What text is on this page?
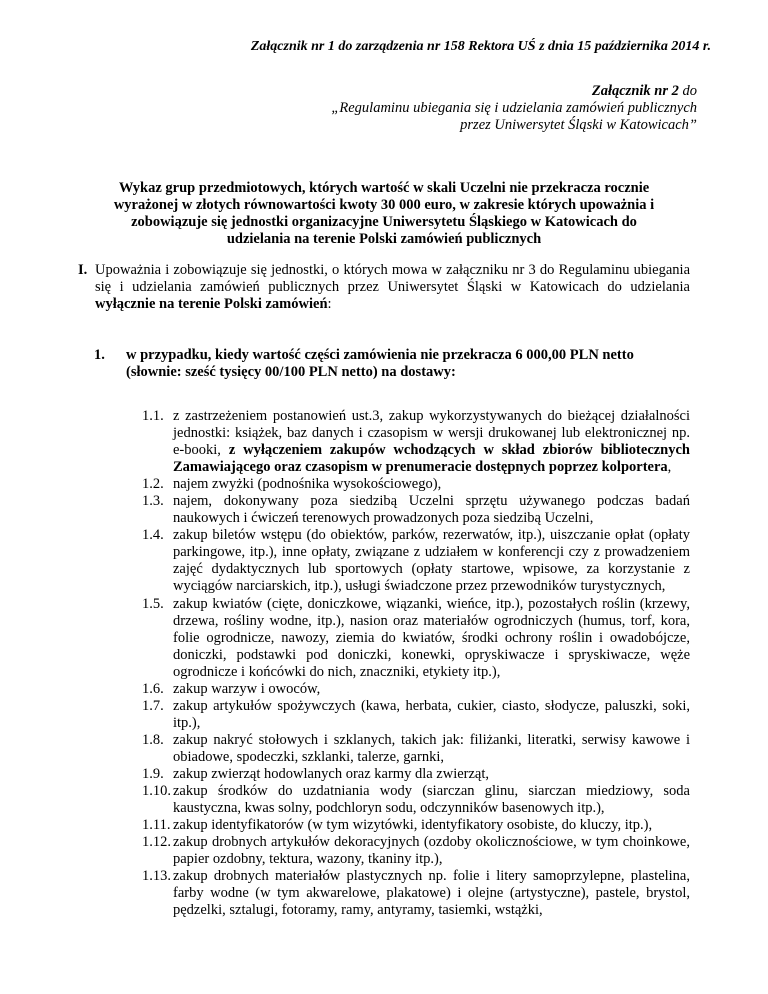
Załącznik nr 1 do zarządzenia nr 158 Rektora UŚ z dnia 15 października 2014 r.
Załącznik nr 2 do
„Regulaminu ubiegania się i udzielania zamówień publicznych
przez Uniwersytet Śląski w Katowicach”
Wykaz grup przedmiotowych, których wartość w skali Uczelni nie przekracza rocznie wyrażonej w złotych równowartości kwoty 30 000 euro, w zakresie których upoważnia i zobowiązuje się jednostki organizacyjne Uniwersytetu Śląskiego w Katowicach do udzielania na terenie Polski zamówień publicznych
I. Upoważnia i zobowiązuje się jednostki, o których mowa w załączniku nr 3 do Regulaminu ubiegania się i udzielania zamówień publicznych przez Uniwersytet Śląski w Katowicach do udzielania wyłącznie na terenie Polski zamówień:
1. w przypadku, kiedy wartość części zamówienia nie przekracza 6 000,00 PLN netto (słownie: sześć tysięcy 00/100 PLN netto) na dostawy:
1.1. z zastrzeżeniem postanowień ust.3, zakup wykorzystywanych do bieżącej działalności jednostki: książek, baz danych i czasopism w wersji drukowanej lub elektronicznej np. e-booki, z wyłączeniem zakupów wchodzących w skład zbiorów bibliotecznych Zamawiającego oraz czasopism w prenumeracie dostępnych poprzez kolportera,
1.2. najem zwyżki (podnośnika wysokościowego),
1.3. najem, dokonywany poza siedzibą Uczelni sprzętu używanego podczas badań naukowych i ćwiczeń terenowych prowadzonych poza siedzibą Uczelni,
1.4. zakup biletów wstępu (do obiektów, parków, rezerwatów, itp.), uiszczanie opłat (opłaty parkingowe, itp.), inne opłaty, związane z udziałem w konferencji czy z prowadzeniem zajęć dydaktycznych lub sportowych (opłaty startowe, wpisowe, za korzystanie z wyciągów narciarskich, itp.), usługi świadczone przez przewodników turystycznych,
1.5. zakup kwiatów (cięte, doniczkowe, wiązanki, wieńce, itp.), pozostałych roślin (krzewy, drzewa, rośliny wodne, itp.), nasion oraz materiałów ogrodniczych (humus, torf, kora, folie ogrodnicze, nawozy, ziemia do kwiatów, środki ochrony roślin i owadobójcze, doniczki, podstawki pod doniczki, konewki, opryskiwacze i spryskiwacze, węże ogrodnicze i końcówki do nich, znaczniki, etykiety itp.),
1.6. zakup warzyw i owoców,
1.7. zakup artykułów spożywczych (kawa, herbata, cukier, ciasto, słodycze, paluszki, soki, itp.),
1.8. zakup nakryć stołowych i szklanych, takich jak: filiżanki, literatki, serwisy kawowe i obiadowe, spodeczki, szklanki, talerze, garnki,
1.9. zakup zwierząt hodowlanych oraz karmy dla zwierząt,
1.10. zakup środków do uzdatniania wody (siarczan glinu, siarczan miedziowy, soda kaustyczna, kwas solny, podchloryn sodu, odczynników basenowych itp.),
1.11. zakup identyfikatorów (w tym wizytówki, identyfikatory osobiste, do kluczy, itp.),
1.12. zakup drobnych artykułów dekoracyjnych (ozdoby okolicznościowe, w tym choinkowe, papier ozdobny, tektura, wazony, tkaniny itp.),
1.13. zakup drobnych materiałów plastycznych np. folie i litery samoprzylepne, plastelina, farby wodne (w tym akwarelowe, plakatowe) i olejne (artystyczne), pastele, brystol, pędzelki, sztalugi, fotoramy, ramy, antyramy, tasiemki, wstążki,
